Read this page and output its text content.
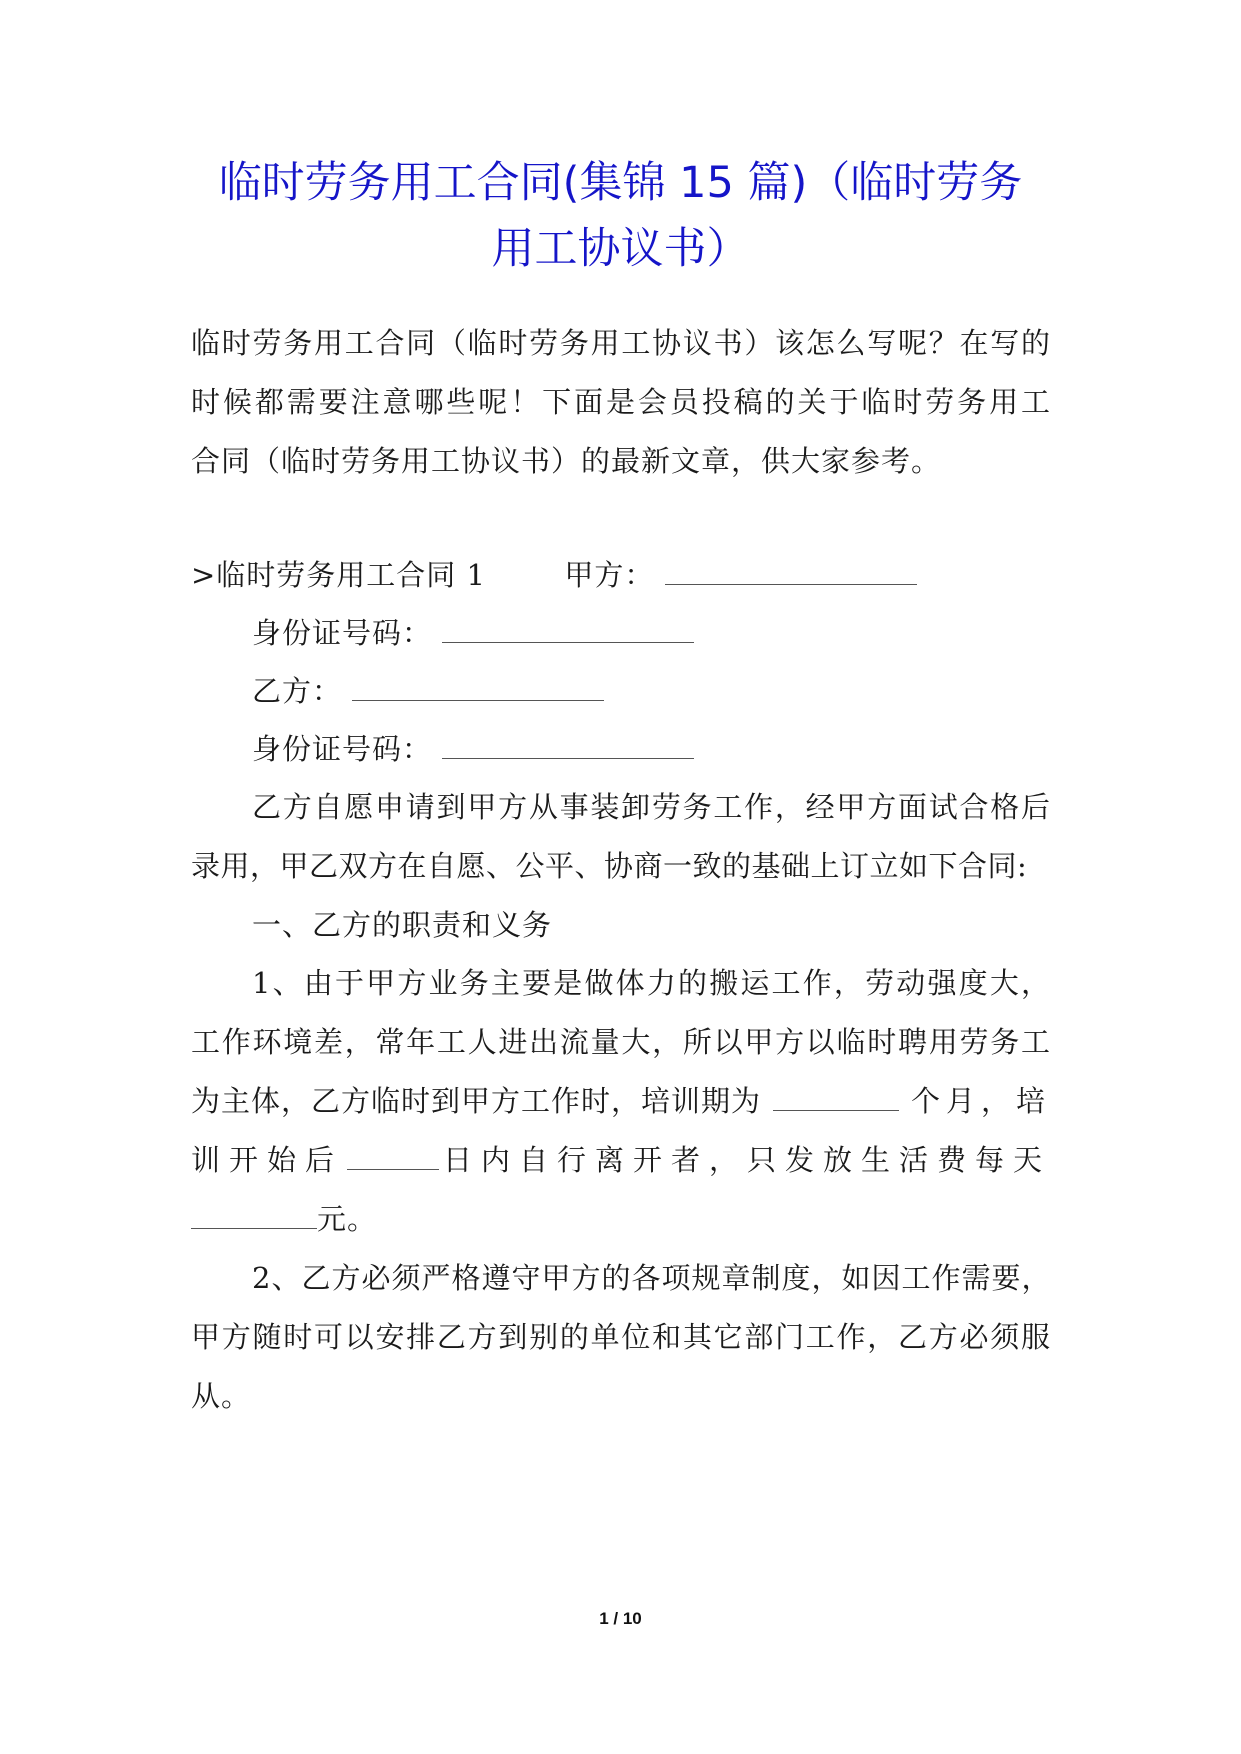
临时劳务用工合同(集锦 15 篇)（临时劳务
用工协议书）
临时劳务用工合同（临时劳务用工协议书）该怎么写呢？在写的
时候都需要注意哪些呢！下面是会员投稿的关于临时劳务用工
合同（临时劳务用工协议书）的最新文章，供大家参考。
>临时劳务用工合同 1	甲方：
身份证号码：
乙方：
身份证号码：
乙方自愿申请到甲方从事装卸劳务工作，经甲方面试合格后
录用，甲乙双方在自愿、公平、协商一致的基础上订立如下合同:
一、乙方的职责和义务
1、由于甲方业务主要是做体力的搬运工作，劳动强度大，
工作环境差，常年工人进出流量大，所以甲方以临时聘用劳务工
为主体，乙方临时到甲方工作时，培训期为	个月，培
训开始后	日内自行离开者，只发放生活费每天
元。
2、乙方必须严格遵守甲方的各项规章制度，如因工作需要，
甲方随时可以安排乙方到别的单位和其它部门工作，乙方必须服
从。
1 / 10
